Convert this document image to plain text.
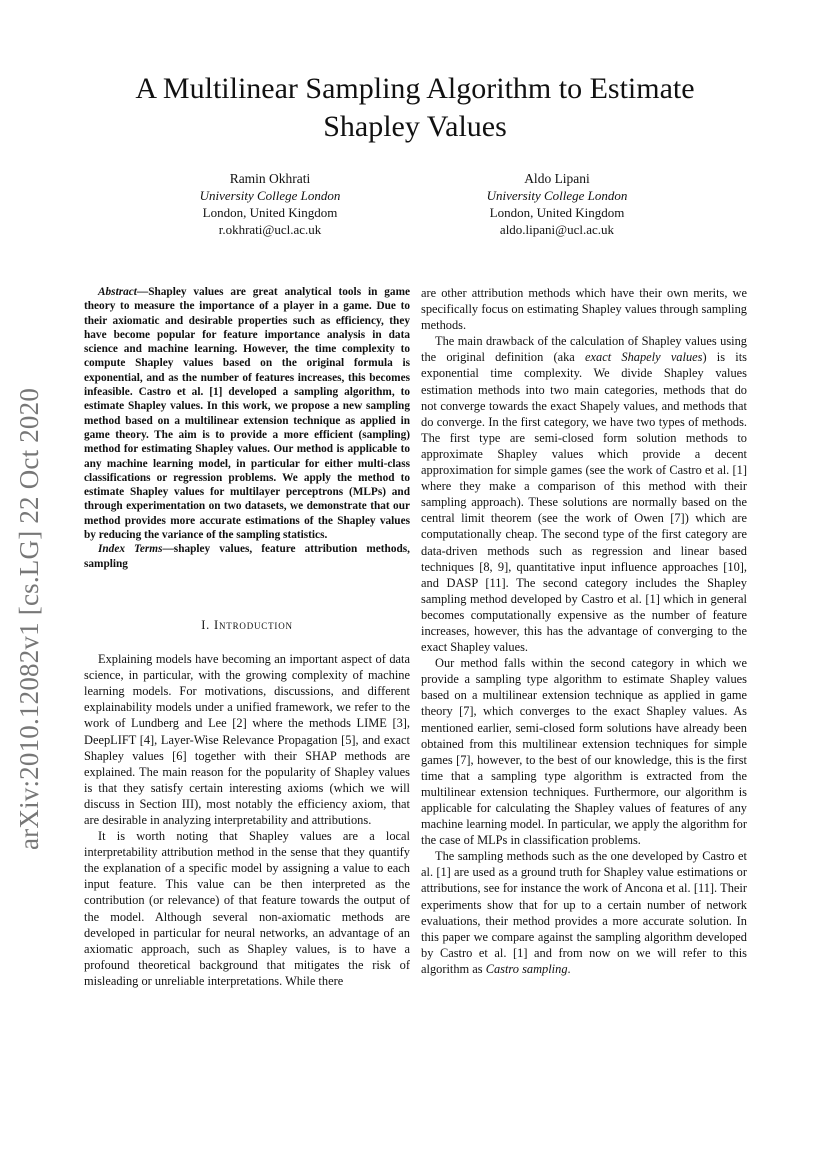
arXiv:2010.12082v1 [cs.LG] 22 Oct 2020
A Multilinear Sampling Algorithm to Estimate Shapley Values
Ramin Okhrati
University College London
London, United Kingdom
r.okhrati@ucl.ac.uk
Aldo Lipani
University College London
London, United Kingdom
aldo.lipani@ucl.ac.uk

Abstract—Shapley values are great analytical tools in game theory to measure the importance of a player in a game. Due to their axiomatic and desirable properties such as efficiency, they have become popular for feature importance analysis in data science and machine learning. However, the time complexity to compute Shapley values based on the original formula is exponential, and as the number of features increases, this becomes infeasible. Castro et al. [1] developed a sampling algorithm, to estimate Shapley values. In this work, we propose a new sampling method based on a multilinear extension technique as applied in game theory. The aim is to provide a more efficient (sampling) method for estimating Shapley values. Our method is applicable to any machine learning model, in particular for either multi-class classifications or regression problems. We apply the method to estimate Shapley values for multilayer perceptrons (MLPs) and through experimentation on two datasets, we demonstrate that our method provides more accurate estimations of the Shapley values by reducing the variance of the sampling statistics.

Index Terms—shapley values, feature attribution methods, sampling

I. Introduction

Explaining models have becoming an important aspect of data science, in particular, with the growing complexity of machine learning models. For motivations, discussions, and different explainability models under a unified framework, we refer to the work of Lundberg and Lee [2] where the methods LIME [3], DeepLIFT [4], Layer-Wise Relevance Propagation [5], and exact Shapley values [6] together with their SHAP methods are explained. The main reason for the popularity of Shapley values is that they satisfy certain interesting axioms (which we will discuss in Section III), most notably the efficiency axiom, that are desirable in analyzing interpretability and attributions.

It is worth noting that Shapley values are a local interpretability attribution method in the sense that they quantify the explanation of a specific model by assigning a value to each input feature. This value can be then interpreted as the contribution (or relevance) of that feature towards the output of the model. Although several non-axiomatic methods are developed in particular for neural networks, an advantage of an axiomatic approach, such as Shapley values, is to have a profound theoretical background that mitigates the risk of misleading or unreliable interpretations. While there

are other attribution methods which have their own merits, we specifically focus on estimating Shapley values through sampling methods.

The main drawback of the calculation of Shapley values using the original definition (aka exact Shapely values) is its exponential time complexity. We divide Shapley values estimation methods into two main categories, methods that do not converge towards the exact Shapely values, and methods that do converge. In the first category, we have two types of methods. The first type are semi-closed form solution methods to approximate Shapley values which provide a decent approximation for simple games (see the work of Castro et al. [1] where they make a comparison of this method with their sampling approach). These solutions are normally based on the central limit theorem (see the work of Owen [7]) which are computationally cheap. The second type of the first category are data-driven methods such as regression and linear based techniques [8, 9], quantitative input influence approaches [10], and DASP [11]. The second category includes the Shapley sampling method developed by Castro et al. [1] which in general becomes computationally expensive as the number of feature increases, however, this has the advantage of converging to the exact Shapley values.

Our method falls within the second category in which we provide a sampling type algorithm to estimate Shapley values based on a multilinear extension technique as applied in game theory [7], which converges to the exact Shapley values. As mentioned earlier, semi-closed form solutions have already been obtained from this multilinear extension techniques for simple games [7], however, to the best of our knowledge, this is the first time that a sampling type algorithm is extracted from the multilinear extension techniques. Furthermore, our algorithm is applicable for calculating the Shapley values of features of any machine learning model. In particular, we apply the algorithm for the case of MLPs in classification problems.

The sampling methods such as the one developed by Castro et al. [1] are used as a ground truth for Shapley value estimations or attributions, see for instance the work of Ancona et al. [11]. Their experiments show that for up to a certain number of network evaluations, their method provides a more accurate solution. In this paper we compare against the sampling algorithm developed by Castro et al. [1] and from now on we will refer to this algorithm as Castro sampling.
